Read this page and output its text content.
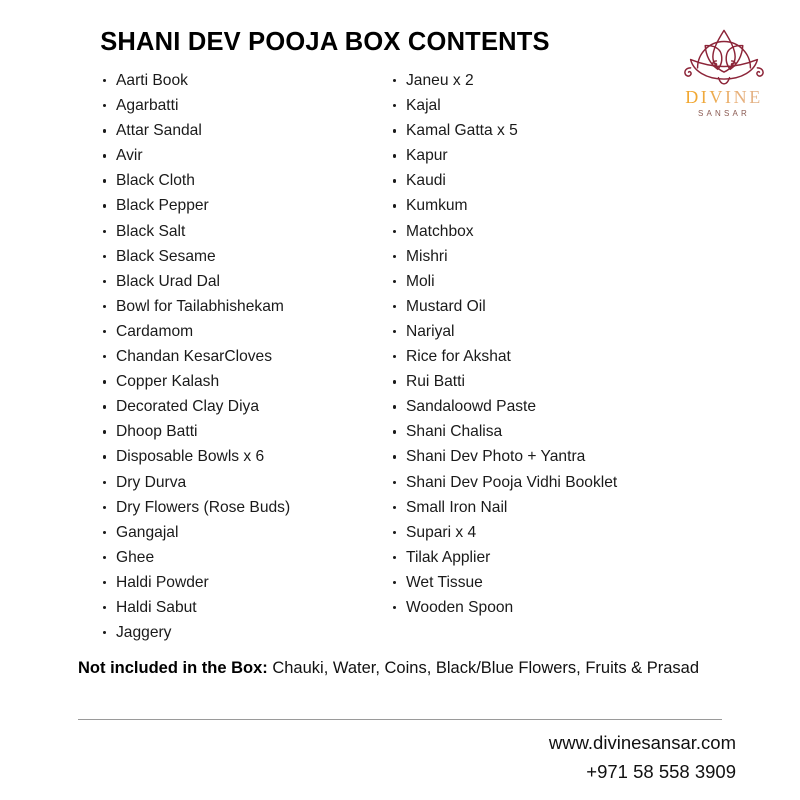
SHANI DEV POOJA BOX CONTENTS
DIVINE
SANSAR
Aarti Book
Agarbatti
Attar Sandal
Avir
Black Cloth
Black Pepper
Black Salt
Black Sesame
Black Urad Dal
Bowl for Tailabhishekam
Cardamom
Chandan KesarCloves
Copper Kalash
Decorated Clay Diya
Dhoop Batti
Disposable Bowls x 6
Dry Durva
Dry Flowers (Rose Buds)
Gangajal
Ghee
Haldi Powder
Haldi Sabut
Jaggery
Janeu x 2
Kajal
Kamal Gatta x 5
Kapur
Kaudi
Kumkum
Matchbox
Mishri
Moli
Mustard Oil
Nariyal
Rice for Akshat
Rui Batti
Sandaloowd Paste
Shani Chalisa
Shani Dev Photo + Yantra
Shani Dev Pooja Vidhi Booklet
Small Iron Nail
Supari x 4
Tilak Applier
Wet Tissue
Wooden Spoon
Not included in the Box: Chauki, Water, Coins, Black/Blue Flowers, Fruits & Prasad
www.divinesansar.com
+971 58 558 3909
